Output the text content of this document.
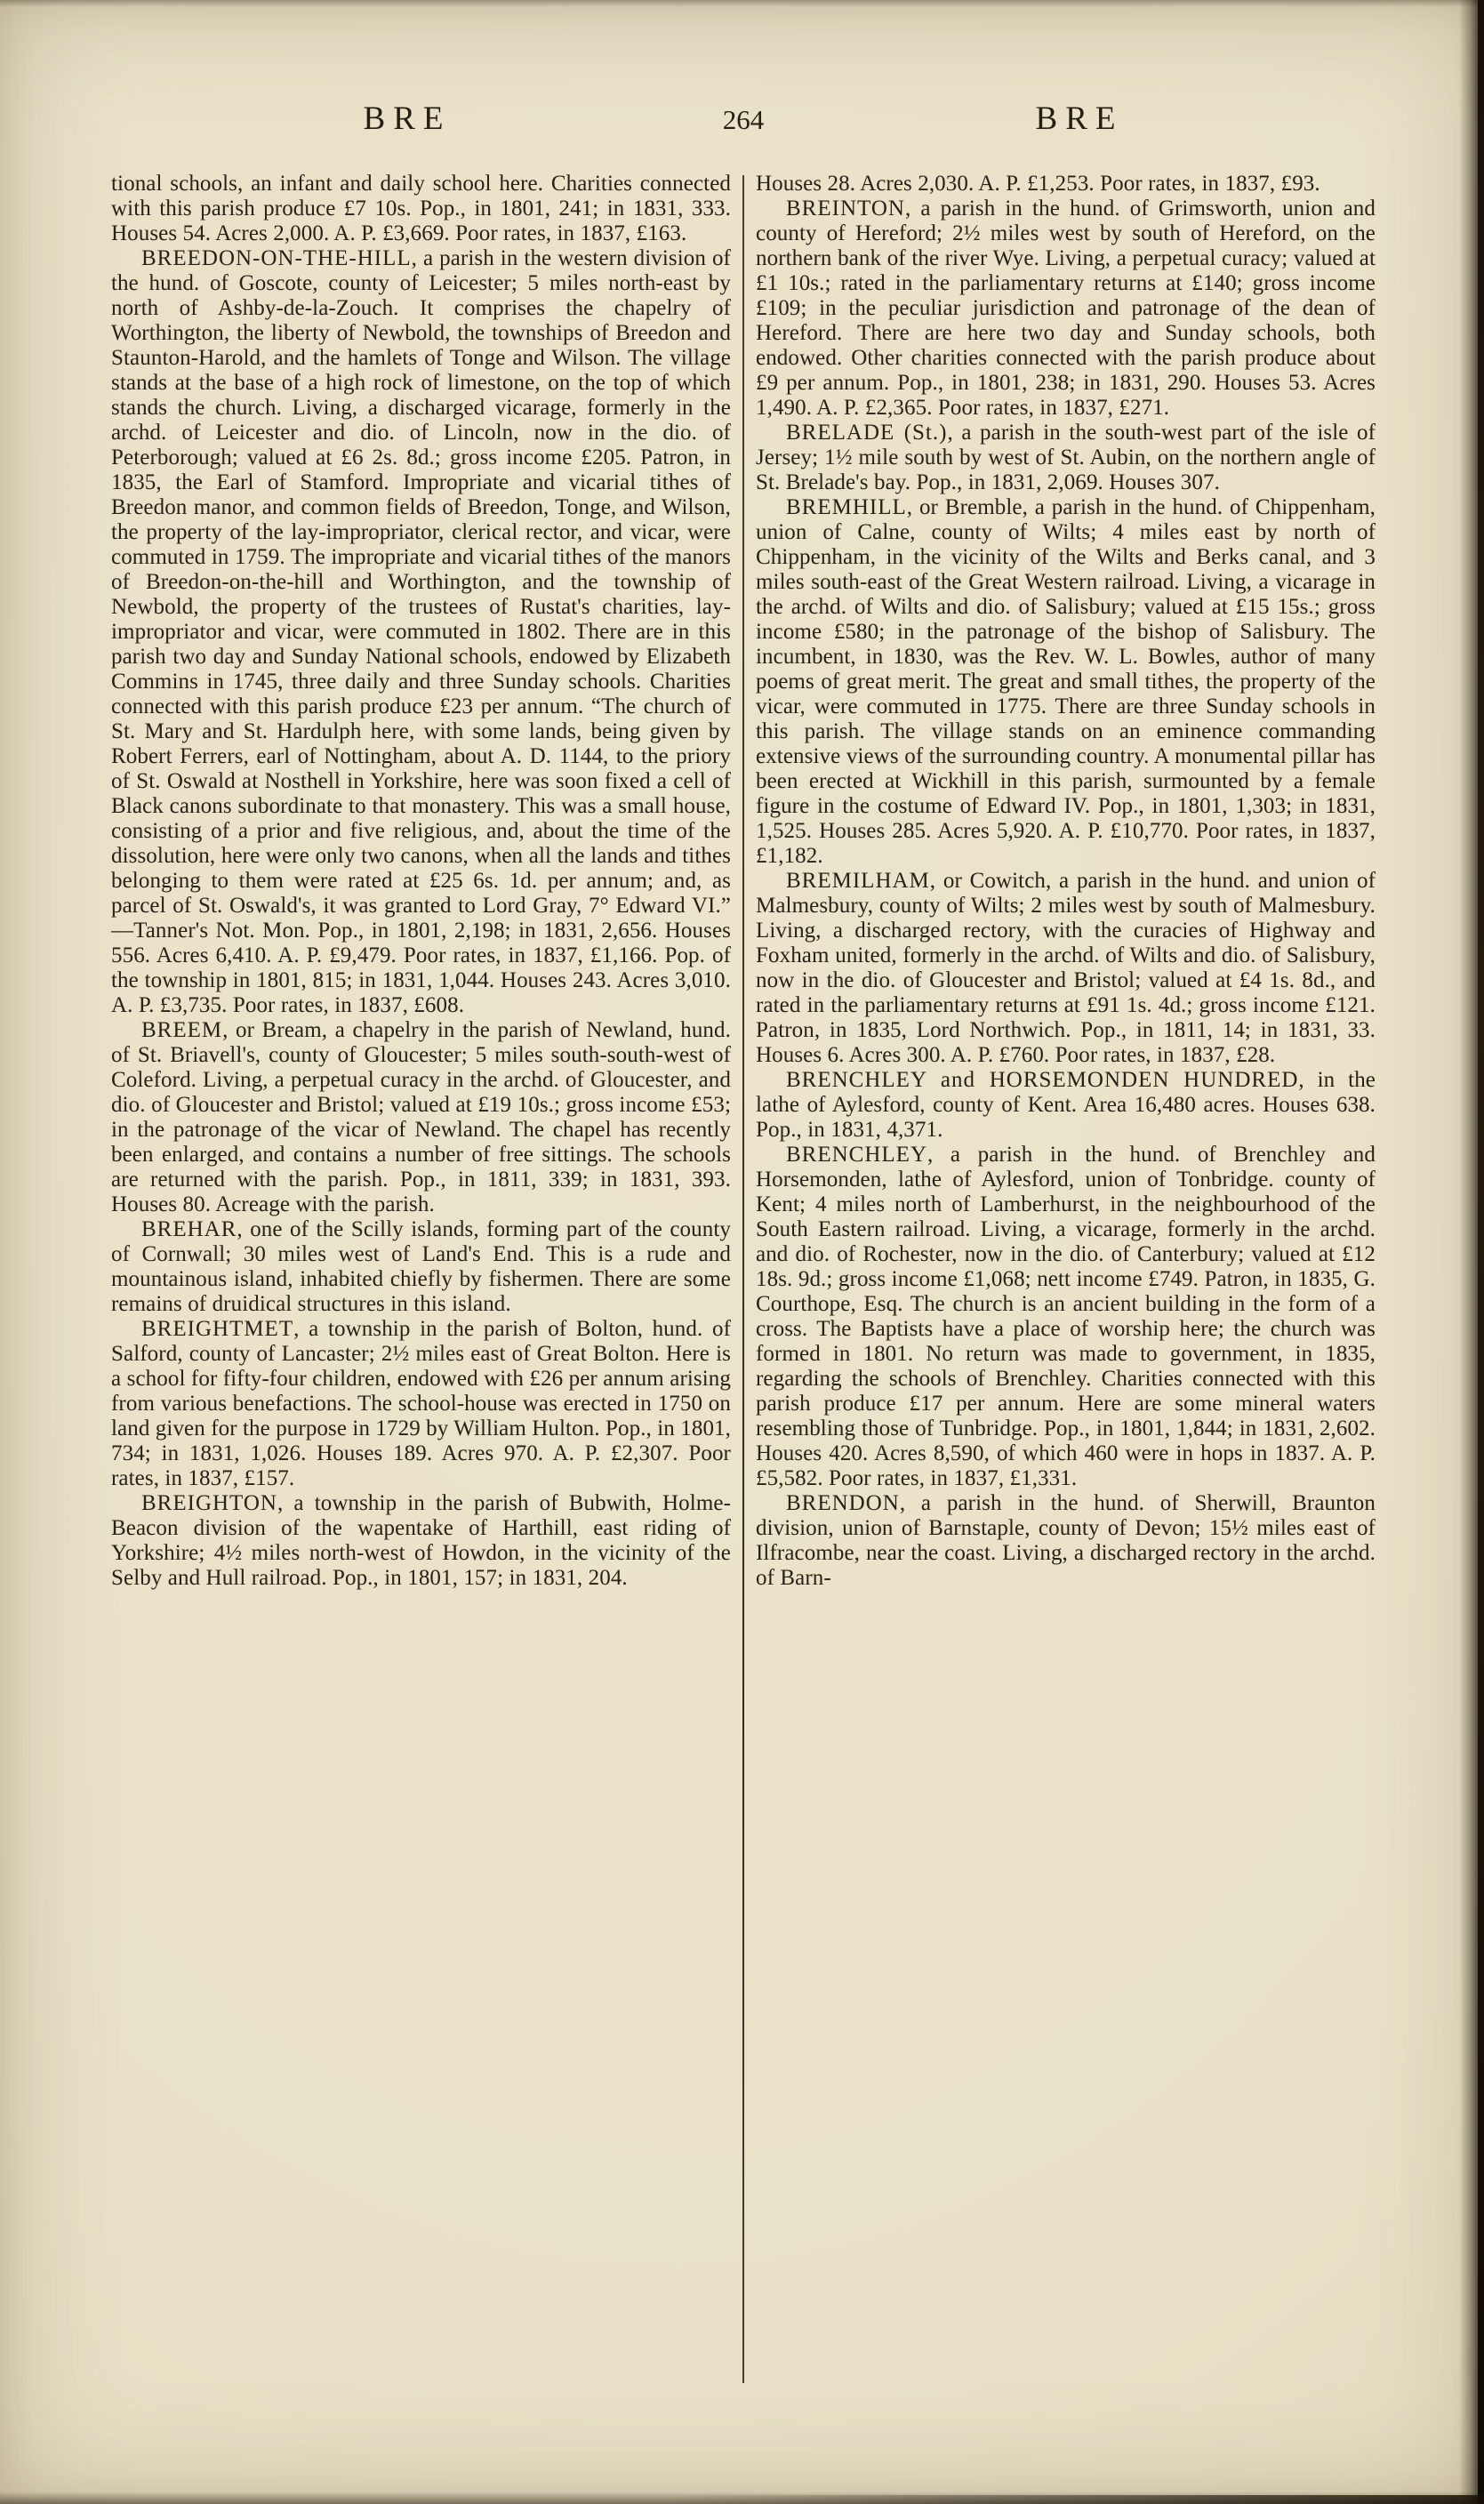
BRE	264	BRE

tional schools, an infant and daily school here. Charities connected with this parish produce £7 10s. Pop., in 1801, 241; in 1831, 333. Houses 54. Acres 2,000. A. P. £3,669. Poor rates, in 1837, £163.

BREEDON-ON-THE-HILL, a parish in the western division of the hund. of Goscote, county of Leicester; 5 miles north-east by north of Ashby-de-la-Zouch. It comprises the chapelry of Worthington, the liberty of Newbold, the townships of Breedon and Staunton-Harold, and the hamlets of Tonge and Wilson. The village stands at the base of a high rock of limestone, on the top of which stands the church. Living, a discharged vicarage, formerly in the archd. of Leicester and dio. of Lincoln, now in the dio. of Peterborough; valued at £6 2s. 8d.; gross income £205. Patron, in 1835, the Earl of Stamford. Impropriate and vicarial tithes of Breedon manor, and common fields of Breedon, Tonge, and Wilson, the property of the lay-impropriator, clerical rector, and vicar, were commuted in 1759. The impropriate and vicarial tithes of the manors of Breedon-on-the-hill and Worthington, and the township of Newbold, the property of the trustees of Rustat's charities, lay-impropriator and vicar, were commuted in 1802. There are in this parish two day and Sunday National schools, endowed by Elizabeth Commins in 1745, three daily and three Sunday schools. Charities connected with this parish produce £23 per annum. “The church of St. Mary and St. Hardulph here, with some lands, being given by Robert Ferrers, earl of Nottingham, about A. D. 1144, to the priory of St. Oswald at Nosthell in Yorkshire, here was soon fixed a cell of Black canons subordinate to that monastery. This was a small house, consisting of a prior and five religious, and, about the time of the dissolution, here were only two canons, when all the lands and tithes belonging to them were rated at £25 6s. 1d. per annum; and, as parcel of St. Oswald's, it was granted to Lord Gray, 7° Edward VI.” —Tanner's Not. Mon. Pop., in 1801, 2,198; in 1831, 2,656. Houses 556. Acres 6,410. A. P. £9,479. Poor rates, in 1837, £1,166. Pop. of the township in 1801, 815; in 1831, 1,044. Houses 243. Acres 3,010. A. P. £3,735. Poor rates, in 1837, £608.

BREEM, or Bream, a chapelry in the parish of Newland, hund. of St. Briavell's, county of Gloucester; 5 miles south-south-west of Coleford. Living, a perpetual curacy in the archd. of Gloucester, and dio. of Gloucester and Bristol; valued at £19 10s.; gross income £53; in the patronage of the vicar of Newland. The chapel has recently been enlarged, and contains a number of free sittings. The schools are returned with the parish. Pop., in 1811, 339; in 1831, 393. Houses 80. Acreage with the parish.

BREHAR, one of the Scilly islands, forming part of the county of Cornwall; 30 miles west of Land's End. This is a rude and mountainous island, inhabited chiefly by fishermen. There are some remains of druidical structures in this island.

BREIGHTMET, a township in the parish of Bolton, hund. of Salford, county of Lancaster; 2½ miles east of Great Bolton. Here is a school for fifty-four children, endowed with £26 per annum arising from various benefactions. The school-house was erected in 1750 on land given for the purpose in 1729 by William Hulton. Pop., in 1801, 734; in 1831, 1,026. Houses 189. Acres 970. A. P. £2,307. Poor rates, in 1837, £157.

BREIGHTON, a township in the parish of Bubwith, Holme-Beacon division of the wapentake of Harthill, east riding of Yorkshire; 4½ miles north-west of Howdon, in the vicinity of the Selby and Hull railroad. Pop., in 1801, 157; in 1831, 204.

Houses 28. Acres 2,030. A. P. £1,253. Poor rates, in 1837, £93.

BREINTON, a parish in the hund. of Grimsworth, union and county of Hereford; 2½ miles west by south of Hereford, on the northern bank of the river Wye. Living, a perpetual curacy; valued at £1 10s.; rated in the parliamentary returns at £140; gross income £109; in the peculiar jurisdiction and patronage of the dean of Hereford. There are here two day and Sunday schools, both endowed. Other charities connected with the parish produce about £9 per annum. Pop., in 1801, 238; in 1831, 290. Houses 53. Acres 1,490. A. P. £2,365. Poor rates, in 1837, £271.

BRELADE (St.), a parish in the south-west part of the isle of Jersey; 1½ mile south by west of St. Aubin, on the northern angle of St. Brelade's bay. Pop., in 1831, 2,069. Houses 307.

BREMHILL, or Bremble, a parish in the hund. of Chippenham, union of Calne, county of Wilts; 4 miles east by north of Chippenham, in the vicinity of the Wilts and Berks canal, and 3 miles south-east of the Great Western railroad. Living, a vicarage in the archd. of Wilts and dio. of Salisbury; valued at £15 15s.; gross income £580; in the patronage of the bishop of Salisbury. The incumbent, in 1830, was the Rev. W. L. Bowles, author of many poems of great merit. The great and small tithes, the property of the vicar, were commuted in 1775. There are three Sunday schools in this parish. The village stands on an eminence commanding extensive views of the surrounding country. A monumental pillar has been erected at Wickhill in this parish, surmounted by a female figure in the costume of Edward IV. Pop., in 1801, 1,303; in 1831, 1,525. Houses 285. Acres 5,920. A. P. £10,770. Poor rates, in 1837, £1,182.

BREMILHAM, or Cowitch, a parish in the hund. and union of Malmesbury, county of Wilts; 2 miles west by south of Malmesbury. Living, a discharged rectory, with the curacies of Highway and Foxham united, formerly in the archd. of Wilts and dio. of Salisbury, now in the dio. of Gloucester and Bristol; valued at £4 1s. 8d., and rated in the parliamentary returns at £91 1s. 4d.; gross income £121. Patron, in 1835, Lord Northwich. Pop., in 1811, 14; in 1831, 33. Houses 6. Acres 300. A. P. £760. Poor rates, in 1837, £28.

BRENCHLEY and HORSEMONDEN HUNDRED, in the lathe of Aylesford, county of Kent. Area 16,480 acres. Houses 638. Pop., in 1831, 4,371.

BRENCHLEY, a parish in the hund. of Brenchley and Horsemonden, lathe of Aylesford, union of Tonbridge. county of Kent; 4 miles north of Lamberhurst, in the neighbourhood of the South Eastern railroad. Living, a vicarage, formerly in the archd. and dio. of Rochester, now in the dio. of Canterbury; valued at £12 18s. 9d.; gross income £1,068; nett income £749. Patron, in 1835, G. Courthope, Esq. The church is an ancient building in the form of a cross. The Baptists have a place of worship here; the church was formed in 1801. No return was made to government, in 1835, regarding the schools of Brenchley. Charities connected with this parish produce £17 per annum. Here are some mineral waters resembling those of Tunbridge. Pop., in 1801, 1,844; in 1831, 2,602. Houses 420. Acres 8,590, of which 460 were in hops in 1837. A. P. £5,582. Poor rates, in 1837, £1,331.

BRENDON, a parish in the hund. of Sherwill, Braunton division, union of Barnstaple, county of Devon; 15½ miles east of Ilfracombe, near the coast. Living, a discharged rectory in the archd. of Barn-
